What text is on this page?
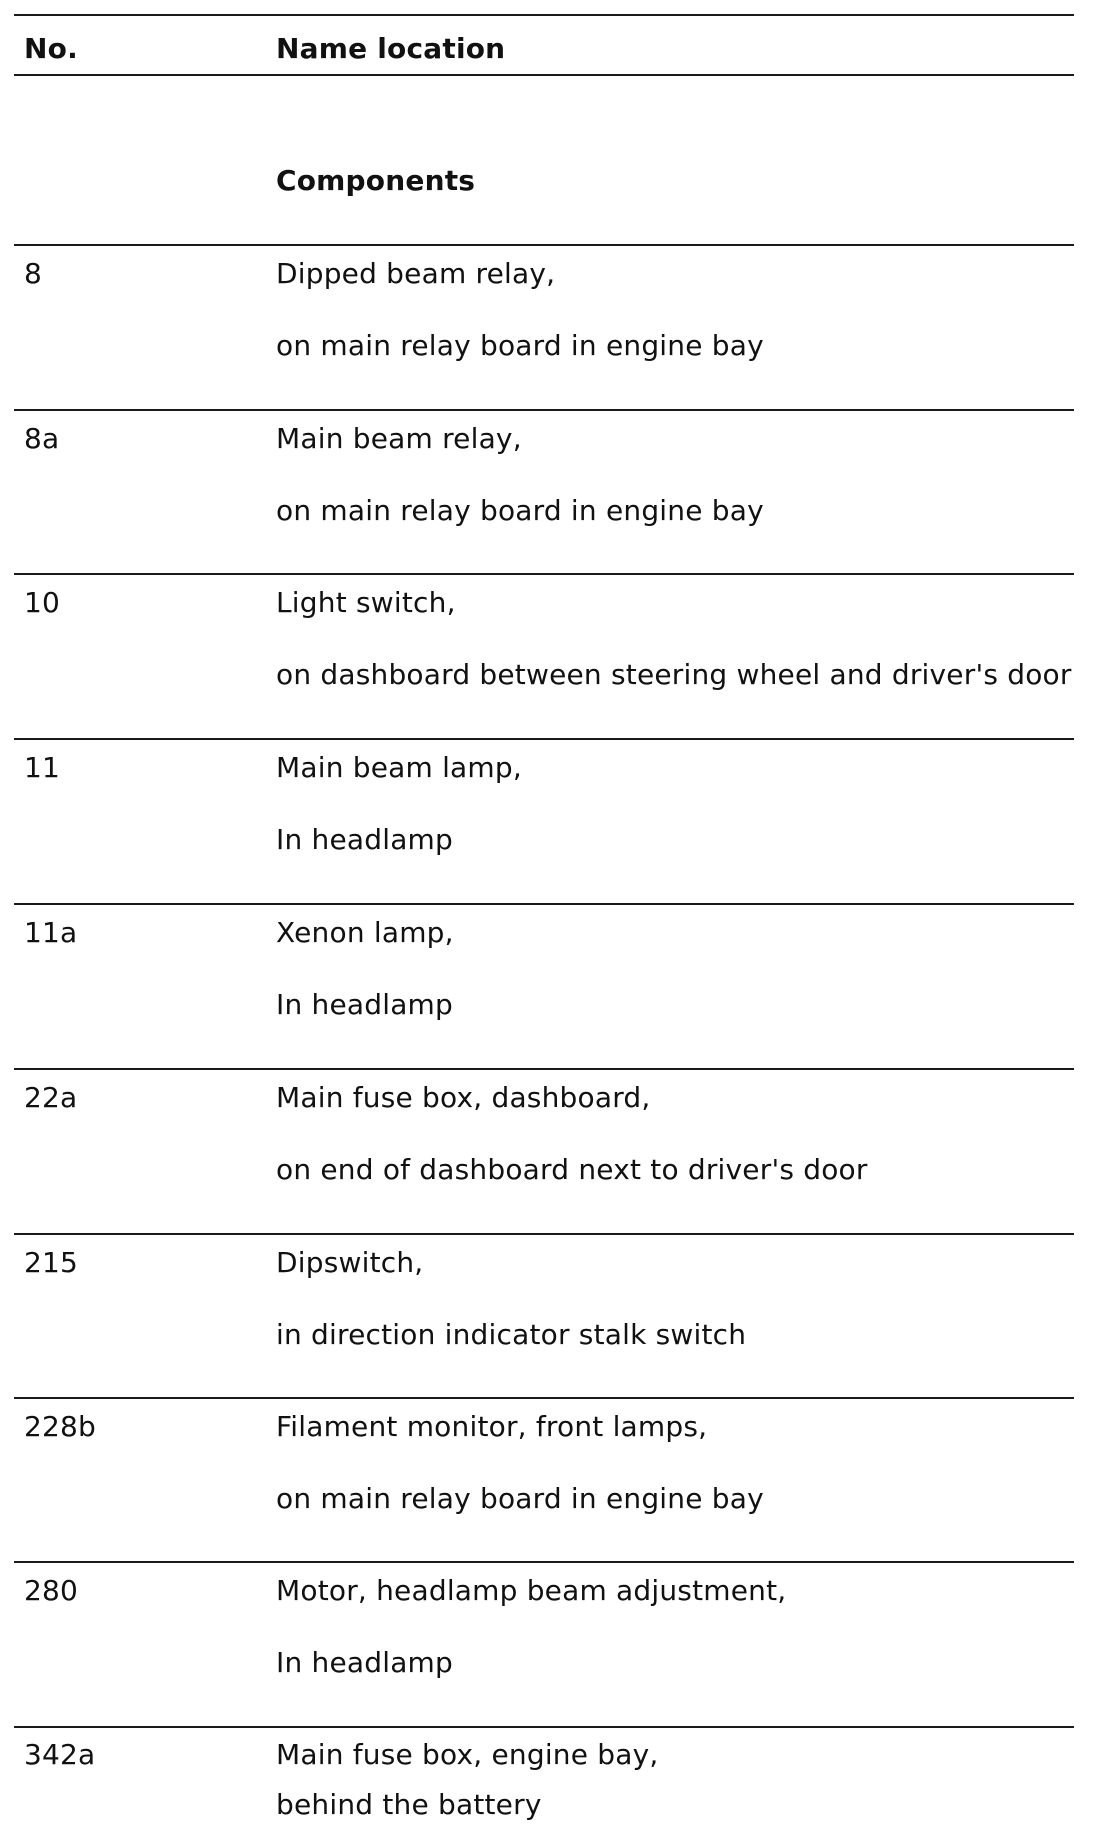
No.	Name location
Components
8	Dipped beam relay,
on main relay board in engine bay
8a	Main beam relay,
on main relay board in engine bay
10	Light switch,
on dashboard between steering wheel and driver's door
11	Main beam lamp,
In headlamp
11a	Xenon lamp,
In headlamp
22a	Main fuse box, dashboard,
on end of dashboard next to driver's door
215	Dipswitch,
in direction indicator stalk switch
228b	Filament monitor, front lamps,
on main relay board in engine bay
280	Motor, headlamp beam adjustment,
In headlamp
342a	Main fuse box, engine bay,
behind the battery
